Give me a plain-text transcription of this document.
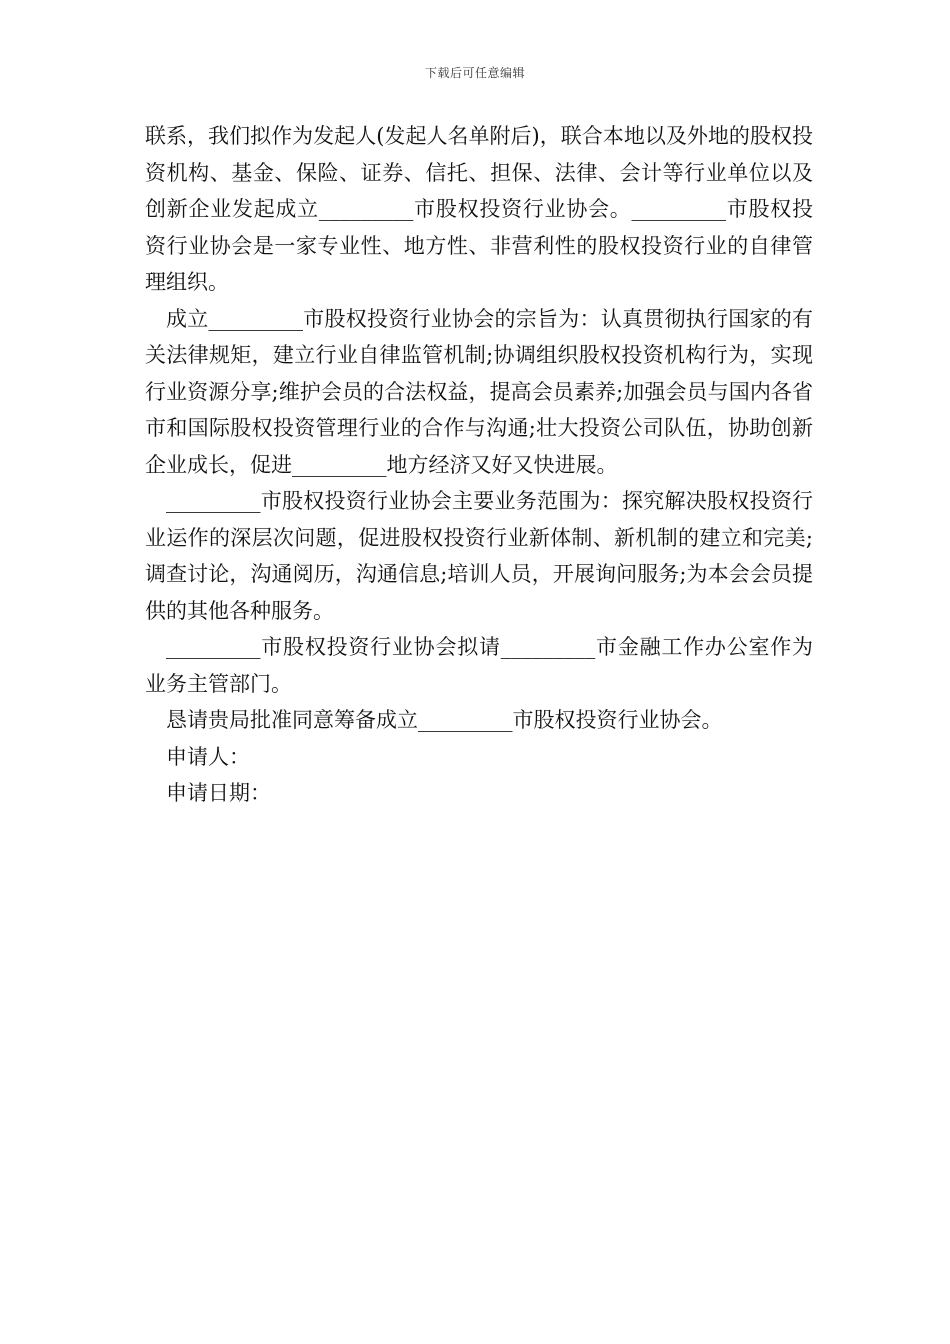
下载后可任意编辑

联系，我们拟作为发起人(发起人名单附后)，联合本地以及外地的股权投资机构、基金、保险、证券、信托、担保、法律、会计等行业单位以及创新企业发起成立_________市股权投资行业协会。_________市股权投资行业协会是一家专业性、地方性、非营利性的股权投资行业的自律管理组织。

成立_________市股权投资行业协会的宗旨为：认真贯彻执行国家的有关法律规矩，建立行业自律监管机制;协调组织股权投资机构行为，实现行业资源分享;维护会员的合法权益，提高会员素养;加强会员与国内各省市和国际股权投资管理行业的合作与沟通;壮大投资公司队伍，协助创新企业成长，促进_________地方经济又好又快进展。

_________市股权投资行业协会主要业务范围为：探究解决股权投资行业运作的深层次问题，促进股权投资行业新体制、新机制的建立和完美;调查讨论，沟通阅历，沟通信息;培训人员，开展询问服务;为本会会员提供的其他各种服务。

_________市股权投资行业协会拟请_________市金融工作办公室作为业务主管部门。

恳请贵局批准同意筹备成立_________市股权投资行业协会。

申请人：

申请日期：
